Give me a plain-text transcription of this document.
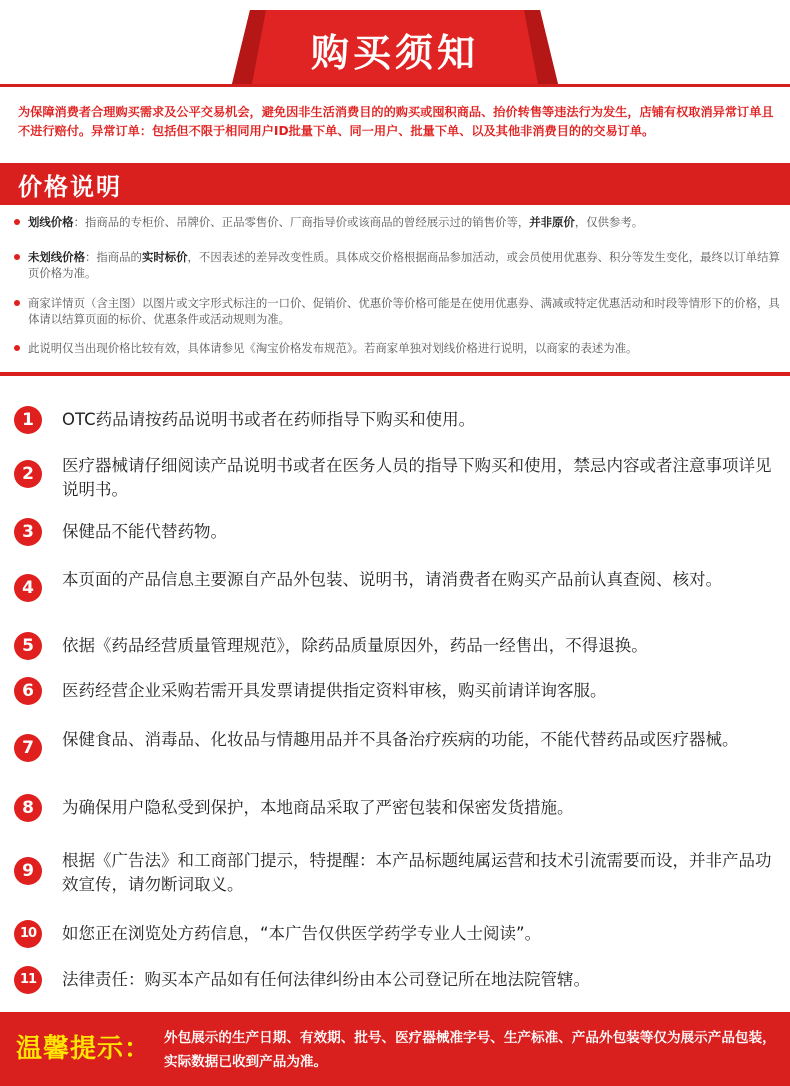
购买须知
为保障消费者合理购买需求及公平交易机会，避免因非生活消费目的的购买或囤积商品、抬价转售等违法行为发生，店铺有权取消异常订单且不进行赔付。异常订单：包括但不限于相同用户ID批量下单、同一用户、批量下单、以及其他非消费目的的交易订单。
价格说明
划线价格：指商品的专柜价、吊牌价、正品零售价、厂商指导价或该商品的曾经展示过的销售价等，并非原价，仅供参考。
未划线价格：指商品的实时标价，不因表述的差异改变性质。具体成交价格根据商品参加活动，或会员使用优惠券、积分等发生变化，最终以订单结算页价格为准。
商家详情页（含主图）以图片或文字形式标注的一口价、促销价、优惠价等价格可能是在使用优惠券、满减或特定优惠活动和时段等情形下的价格，具体请以结算页面的标价、优惠条件或活动规则为准。
此说明仅当出现价格比较有效，具体请参见《淘宝价格发布规范》。若商家单独对划线价格进行说明，以商家的表述为准。
1	OTC药品请按药品说明书或者在药师指导下购买和使用。
2	医疗器械请仔细阅读产品说明书或者在医务人员的指导下购买和使用，禁忌内容或者注意事项详见说明书。
3	保健品不能代替药物。
4	本页面的产品信息主要源自产品外包装、说明书，请消费者在购买产品前认真查阅、核对。
5	依据《药品经营质量管理规范》，除药品质量原因外，药品一经售出，不得退换。
6	医药经营企业采购若需开具发票请提供指定资料审核，购买前请详询客服。
7	保健食品、消毒品、化妆品与情趣用品并不具备治疗疾病的功能，不能代替药品或医疗器械。
8	为确保用户隐私受到保护，本地商品采取了严密包装和保密发货措施。
9
根据《广告法》和工商部门提示，特提醒：本产品标题纯属运营和技术引流需要而设，并非产品功效宣传，请勿断词取义。
10	如您正在浏览处方药信息，“本广告仅供医学药学专业人士阅读”。
11	法律责任：购买本产品如有任何法律纠纷由本公司登记所在地法院管辖。
温馨提示： 外包展示的生产日期、有效期、批号、医疗器械准字号、生产标准、产品外包装等仅为展示产品包装，实际数据已收到产品为准。
